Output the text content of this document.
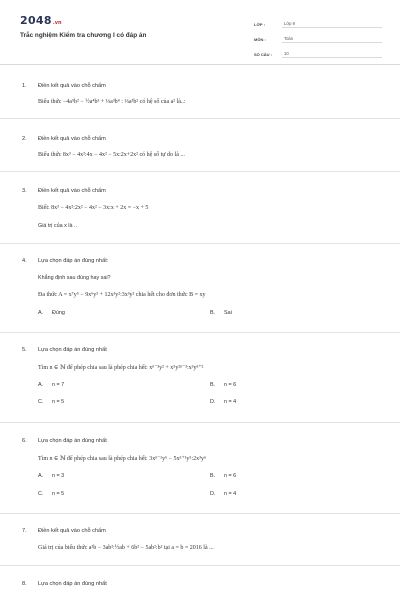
2048 .vn
Trắc nghiệm Kiểm tra chương I có đáp án
LỚP :	Lớp 9
MÔN :	Toán
SỐ CÂU :	10
1. Điền kết quả vào chỗ chấm
Biểu thức −4a⁵b² − ½a⁴b³ + ⅓a³b⁴ : ⅓a³b² có hệ số của a² là..:
2. Điền kết quả vào chỗ chấm
Biểu thức 8x³ − 4x²:4x − 4x² − 5x:2x+2x² có hệ số tự do là ...
3. Điền kết quả vào chỗ chấm
Biết: 8x³ − 4x²:2x² − 4x² − 3x:x + 2x = −x + 5
Giá trị của x là ..
4. Lựa chọn đáp án đúng nhất:
Khẳng định sau đúng hay sai?
Đa thức A = x⁷y⁵ − 9x⁶y³ + 12x³y²:3x³y² chia hết cho đơn thức B = xy
A. Đúng	B. Sai
5. Lựa chọn đáp án đúng nhất
Tìm n ∈ ℕ để phép chia sau là phép chia hết: xⁿ⁻³y² + x⁵y²ⁿ⁻³:x³yⁿ⁺²
A. n = 7	B. n = 6
C. n = 5	D. n = 4
6. Lựa chọn đáp án đúng nhất
Tìm n ∈ ℕ để phép chia sau là phép chia hết: 3xⁿ⁻¹y⁶ − 5xⁿ⁺¹y⁵:2x³yⁿ
A. n = 3	B. n = 6
C. n = 5	D. n = 4
7. Điền kết quả vào chỗ chấm
Giá trị của biểu thức a²b − 3ab²:½ab + 6b² − 5ab²:b² tại a = b = 2016 là ...
8. Lựa chọn đáp án đúng nhất
